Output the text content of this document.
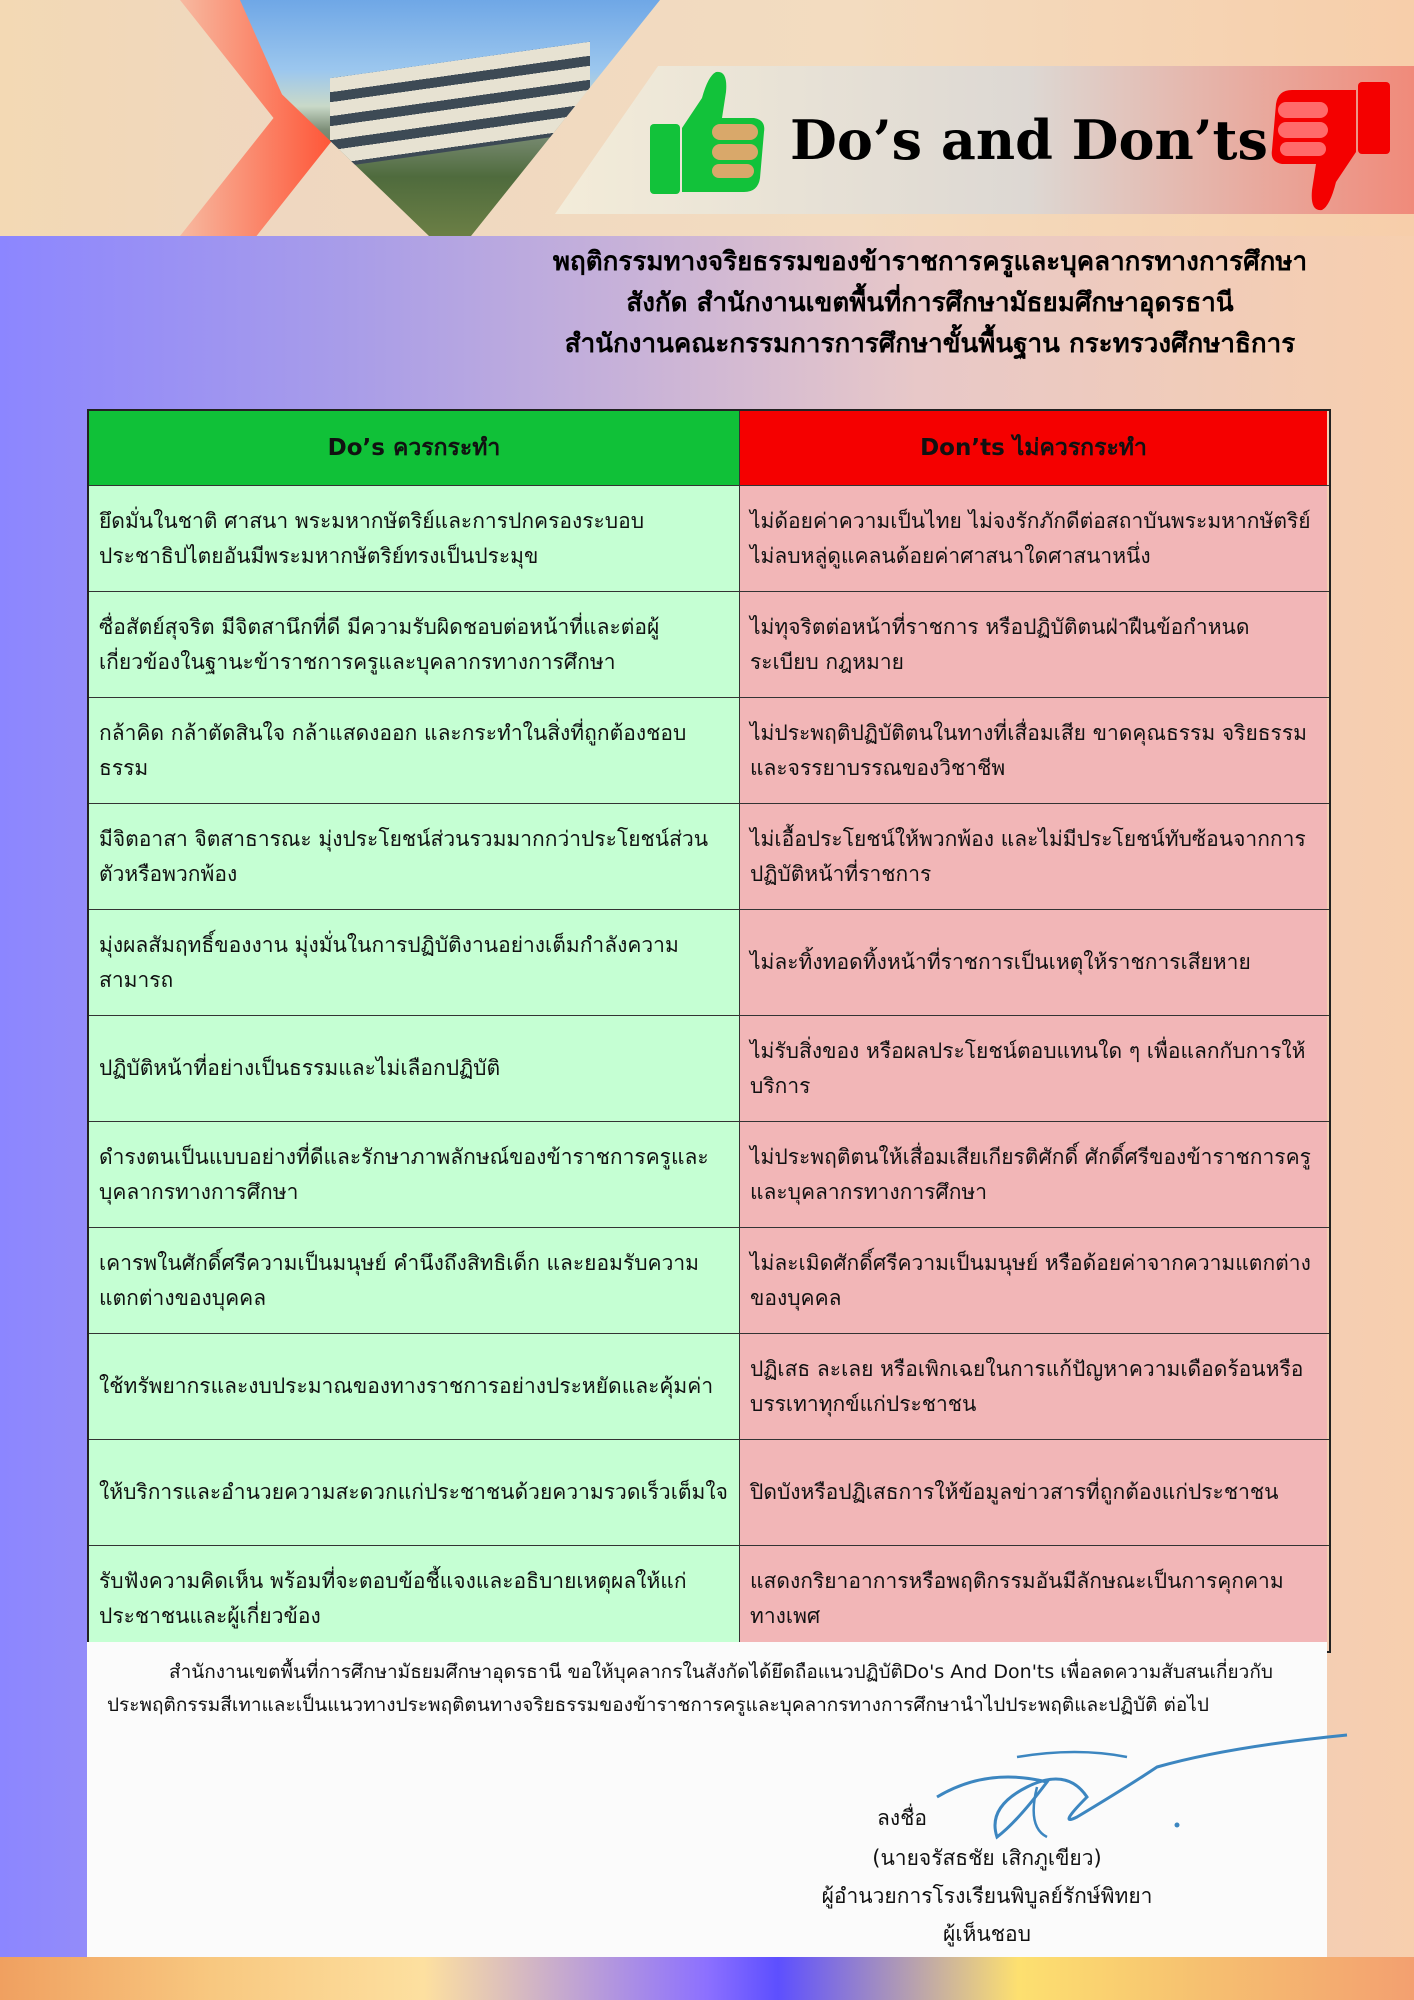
Do’s and Don’ts
พฤติกรรมทางจริยธรรมของข้าราชการครูและบุคลากรทางการศึกษา
สังกัด สำนักงานเขตพื้นที่การศึกษามัธยมศึกษาอุดรธานี
สำนักงานคณะกรรมการการศึกษาขั้นพื้นฐาน กระทรวงศึกษาธิการ
Do’s ควรกระทำ	Don’ts ไม่ควรกระทำ
ยึดมั่นในชาติ ศาสนา พระมหากษัตริย์และการปกครองระบอบประชาธิปไตยอันมีพระมหากษัตริย์ทรงเป็นประมุข
ไม่ด้อยค่าความเป็นไทย ไม่จงรักภักดีต่อสถาบันพระมหากษัตริย์ ไม่ลบหลู่ดูแคลนด้อยค่าศาสนาใดศาสนาหนึ่ง
ซื่อสัตย์สุจริต มีจิตสานึกที่ดี มีความรับผิดชอบต่อหน้าที่และต่อผู้เกี่ยวข้องในฐานะข้าราชการครูและบุคลากรทางการศึกษา
ไม่ทุจริตต่อหน้าที่ราชการ หรือปฏิบัติตนฝ่าฝืนข้อกำหนด ระเบียบ กฎหมาย
กล้าคิด กล้าตัดสินใจ กล้าแสดงออก และกระทำในสิ่งที่ถูกต้องชอบธรรม
ไม่ประพฤติปฏิบัติตนในทางที่เสื่อมเสีย ขาดคุณธรรม จริยธรรมและจรรยาบรรณของวิชาชีพ
มีจิตอาสา จิตสาธารณะ มุ่งประโยชน์ส่วนรวมมากกว่าประโยชน์ส่วนตัวหรือพวกพ้อง
ไม่เอื้อประโยชน์ให้พวกพ้อง และไม่มีประโยชน์ทับซ้อนจากการปฏิบัติหน้าที่ราชการ
มุ่งผลสัมฤทธิ์ของงาน มุ่งมั่นในการปฏิบัติงานอย่างเต็มกำลังความสามารถ
ไม่ละทิ้งทอดทิ้งหน้าที่ราชการเป็นเหตุให้ราชการเสียหาย
ปฏิบัติหน้าที่อย่างเป็นธรรมและไม่เลือกปฏิบัติ
ไม่รับสิ่งของ หรือผลประโยชน์ตอบแทนใด ๆ เพื่อแลกกับการให้บริการ
ดำรงตนเป็นแบบอย่างที่ดีและรักษาภาพลักษณ์ของข้าราชการครูและบุคลากรทางการศึกษา
ไม่ประพฤติตนให้เสื่อมเสียเกียรติศักดิ์ ศักดิ์ศรีของข้าราชการครูและบุคลากรทางการศึกษา
เคารพในศักดิ์ศรีความเป็นมนุษย์ คำนึงถึงสิทธิเด็ก และยอมรับความแตกต่างของบุคคล
ไม่ละเมิดศักดิ์ศรีความเป็นมนุษย์ หรือด้อยค่าจากความแตกต่างของบุคคล
ใช้ทรัพยากรและงบประมาณของทางราชการอย่างประหยัดและคุ้มค่า
ปฏิเสธ ละเลย หรือเพิกเฉยในการแก้ปัญหาความเดือดร้อนหรือบรรเทาทุกข์แก่ประชาชน
ให้บริการและอำนวยความสะดวกแก่ประชาชนด้วยความรวดเร็วเต็มใจ	ปิดบังหรือปฏิเสธการให้ข้อมูลข่าวสารที่ถูกต้องแก่ประชาชน
รับฟังความคิดเห็น พร้อมที่จะตอบข้อชี้แจงและอธิบายเหตุผลให้แก่ประชาชนและผู้เกี่ยวข้อง
แสดงกริยาอาการหรือพฤติกรรมอันมีลักษณะเป็นการคุกคามทางเพศ

สำนักงานเขตพื้นที่การศึกษามัธยมศึกษาอุดรธานี ขอให้บุคลากรในสังกัดได้ยึดถือแนวปฏิบัติDo's And Don'ts เพื่อลดความสับสนเกี่ยวกับประพฤติกรรมสีเทาและเป็นแนวทางประพฤติตนทางจริยธรรมของข้าราชการครูและบุคลากรทางการศึกษานำไปประพฤติและปฏิบัติ ต่อไป

ลงชื่อ

(นายจรัสธชัย เสิกภูเขียว)

ผู้อำนวยการโรงเรียนพิบูลย์รักษ์พิทยา

ผู้เห็นชอบ
